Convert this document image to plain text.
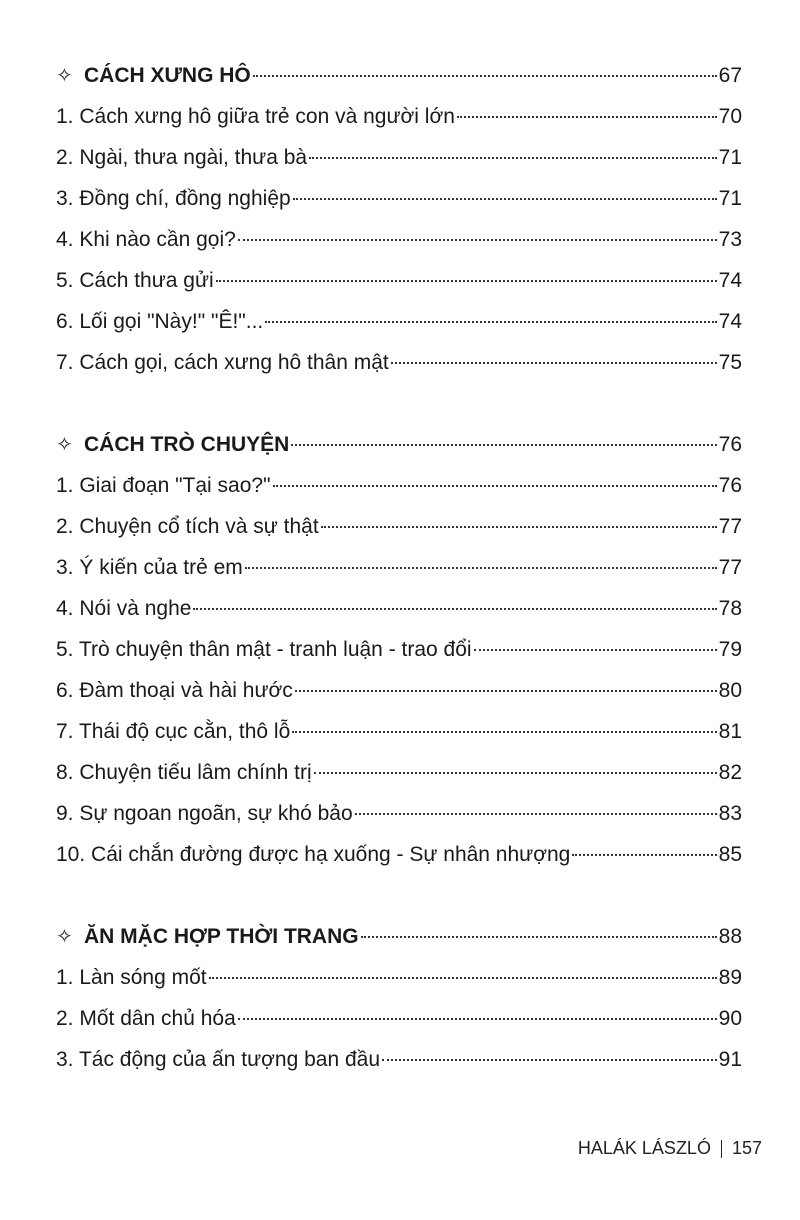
✧ CÁCH XƯNG HÔ	67
1. Cách xưng hô giữa trẻ con và người lớn	70
2. Ngài, thưa ngài, thưa bà	71
3. Đồng chí, đồng nghiệp	71
4. Khi nào cần gọi?	73
5. Cách thưa gửi	74
6. Lối gọi "Này!" "Ê!"...	74
7. Cách gọi, cách xưng hô thân mật	75
✧ CÁCH TRÒ CHUYỆN	76
1. Giai đoạn "Tại sao?"	76
2. Chuyện cổ tích và sự thật	77
3. Ý kiến của trẻ em	77
4. Nói và nghe	78
5. Trò chuyện thân mật - tranh luận - trao đổi	79
6. Đàm thoại và hài hước	80
7. Thái độ cục cằn, thô lỗ	81
8. Chuyện tiếu lâm chính trị	82
9. Sự ngoan ngoãn, sự khó bảo	83
10. Cái chắn đường được hạ xuống - Sự nhân nhượng	85
✧ ĂN MẶC HỢP THỜI TRANG	88
1. Làn sóng mốt	89
2. Mốt dân chủ hóa	90
3. Tác động của ấn tượng ban đầu	91
HALÁK LÁSZLÓ 157
